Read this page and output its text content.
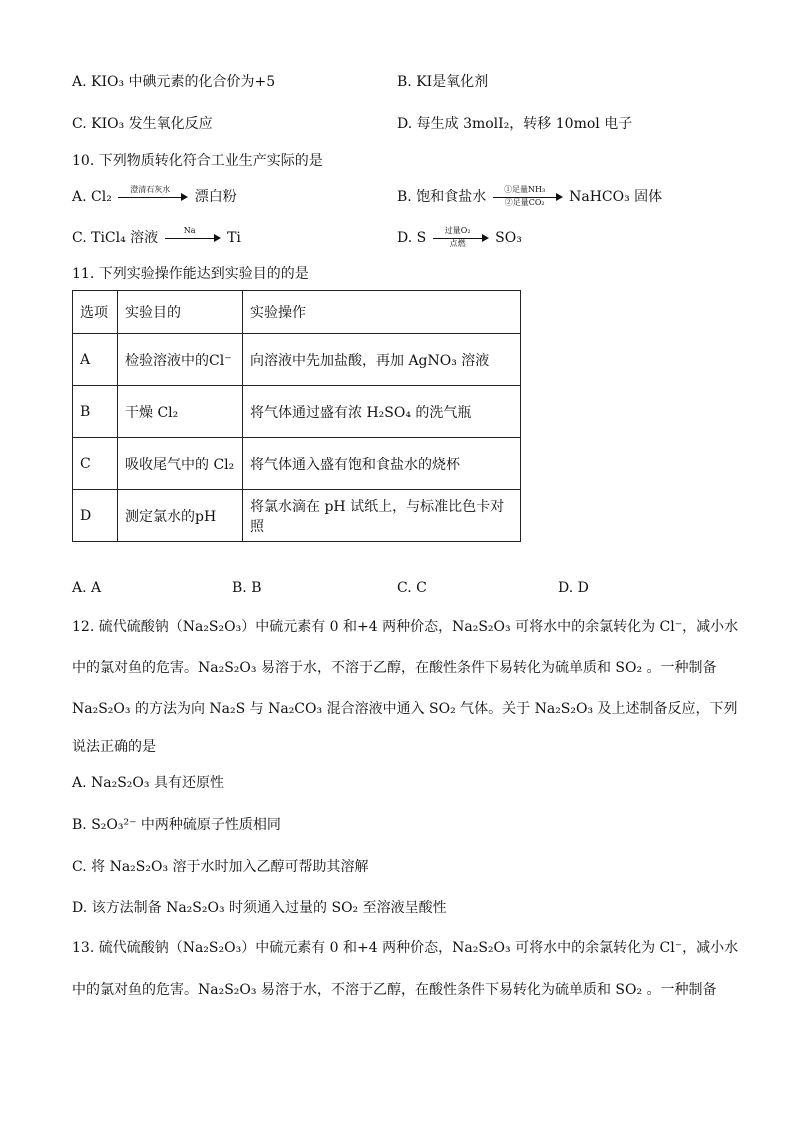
A. KIO₃ 中碘元素的化合价为+5	B. KI是氧化剂
C. KIO₃ 发生氧化反应	D. 每生成 3molI₂，转移 10mol 电子
10. 下列物质转化符合工业生产实际的是
A. Cl₂	澄清石灰水	漂白粉	B. 饱和食盐水	①足量NH₃
②足量CO₂	NaHCO₃ 固体
C. TiCl₄ 溶液	Na	Ti	D. S	过量O₂
点燃	SO₃
11. 下列实验操作能达到实验目的的是
选项	实验目的	实验操作
A	检验溶液中的Cl⁻	向溶液中先加盐酸，再加 AgNO₃ 溶液
B	干燥 Cl₂	将气体通过盛有浓 H₂SO₄ 的洗气瓶
C	吸收尾气中的 Cl₂	将气体通入盛有饱和食盐水的烧杯
D	测定氯水的pH	将氯水滴在 pH 试纸上，与标准比色卡对照
A. A	B. B	C. C	D. D
12. 硫代硫酸钠（Na₂S₂O₃）中硫元素有 0 和+4 两种价态，Na₂S₂O₃ 可将水中的余氯转化为 Cl⁻，减小水
中的氯对鱼的危害。Na₂S₂O₃ 易溶于水，不溶于乙醇，在酸性条件下易转化为硫单质和 SO₂ 。一种制备
Na₂S₂O₃ 的方法为向 Na₂S 与 Na₂CO₃ 混合溶液中通入 SO₂ 气体。关于 Na₂S₂O₃ 及上述制备反应，下列
说法正确的是
A. Na₂S₂O₃ 具有还原性
B. S₂O₃²⁻ 中两种硫原子性质相同
C. 将 Na₂S₂O₃ 溶于水时加入乙醇可帮助其溶解
D. 该方法制备 Na₂S₂O₃ 时须通入过量的 SO₂ 至溶液呈酸性
13. 硫代硫酸钠（Na₂S₂O₃）中硫元素有 0 和+4 两种价态，Na₂S₂O₃ 可将水中的余氯转化为 Cl⁻，减小水
中的氯对鱼的危害。Na₂S₂O₃ 易溶于水，不溶于乙醇，在酸性条件下易转化为硫单质和 SO₂ 。一种制备
